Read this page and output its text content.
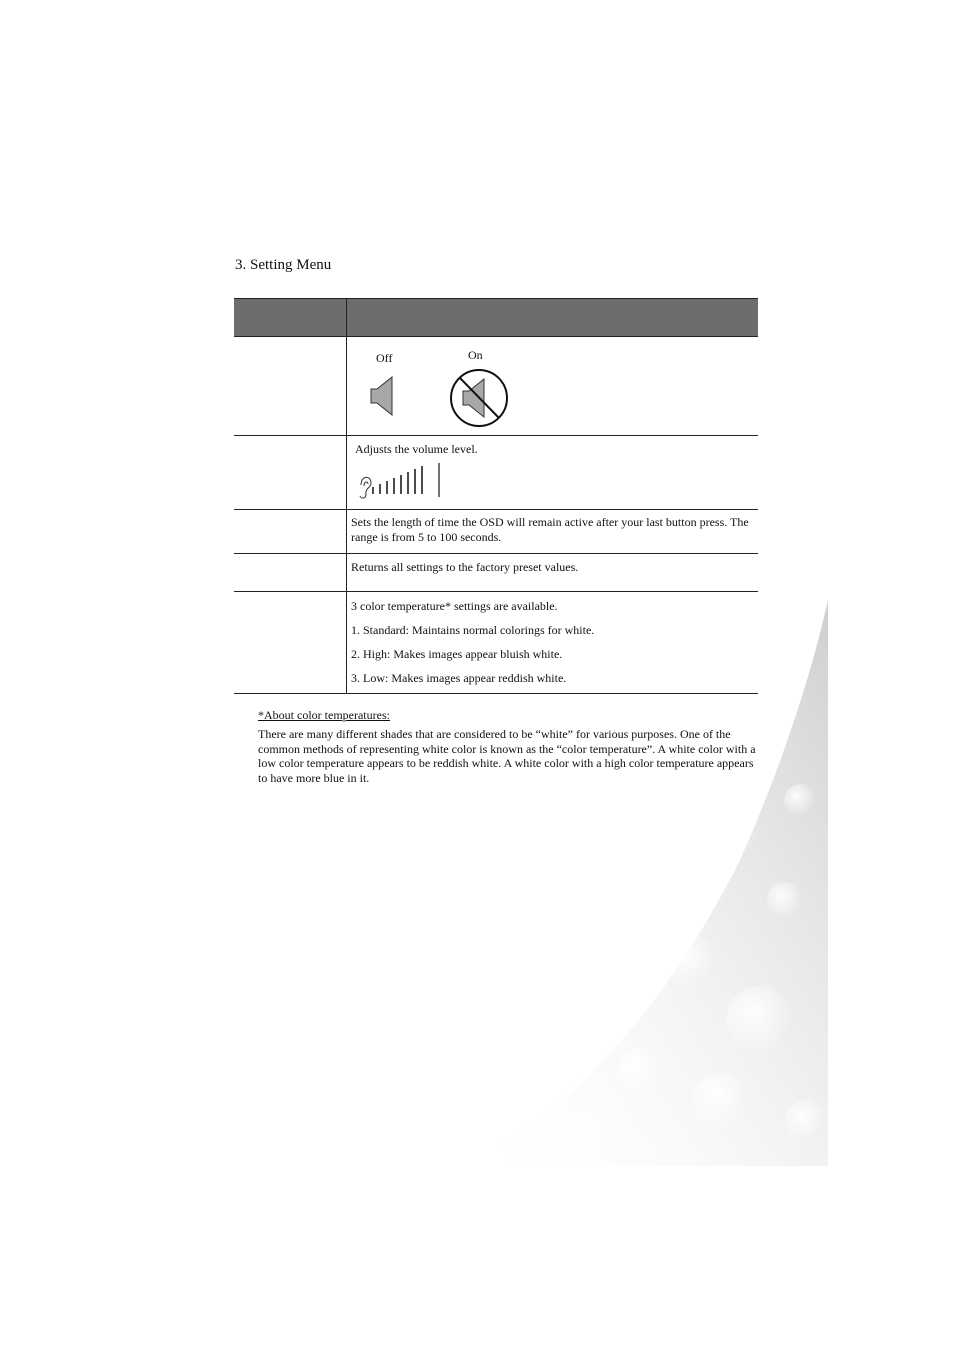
3. Setting Menu

	Off On

	Adjusts the volume level.

	Sets the length of time the OSD will remain active after your last button press. The range is from 5 to 100 seconds.

	Returns all settings to the factory preset values.

	3 color temperature* settings are available.

1. Standard: Maintains normal colorings for white.

2. High: Makes images appear bluish white.

3. Low: Makes images appear reddish white.

*About color temperatures:

There are many different shades that are considered to be “white” for various purposes. One of the common methods of representing white color is known as the “color temperature”. A white color with a low color temperature appears to be reddish white. A white color with a high color temperature appears to have more blue in it.
